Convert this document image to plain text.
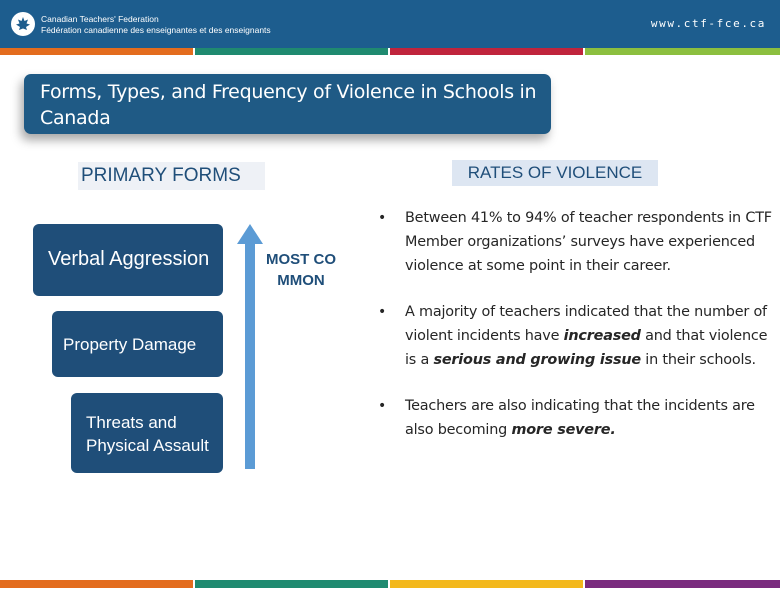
Canadian Teachers' Federation
Fédération canadienne des enseignantes et des enseignants	www.ctf-fce.ca
Forms, Types, and Frequency of Violence in Schools in Canada
PRIMARY FORMS	RATES OF VIOLENCE
Verbal Aggression
Property Damage
Threats and Physical Assault
MOST COMMON
• Between 41% to 94% of teacher respondents in CTF Member organizations’ surveys have experienced violence at some point in their career.
• A majority of teachers indicated that the number of violent incidents have increased and that violence is a serious and growing issue in their schools.
• Teachers are also indicating that the incidents are also becoming more severe.
